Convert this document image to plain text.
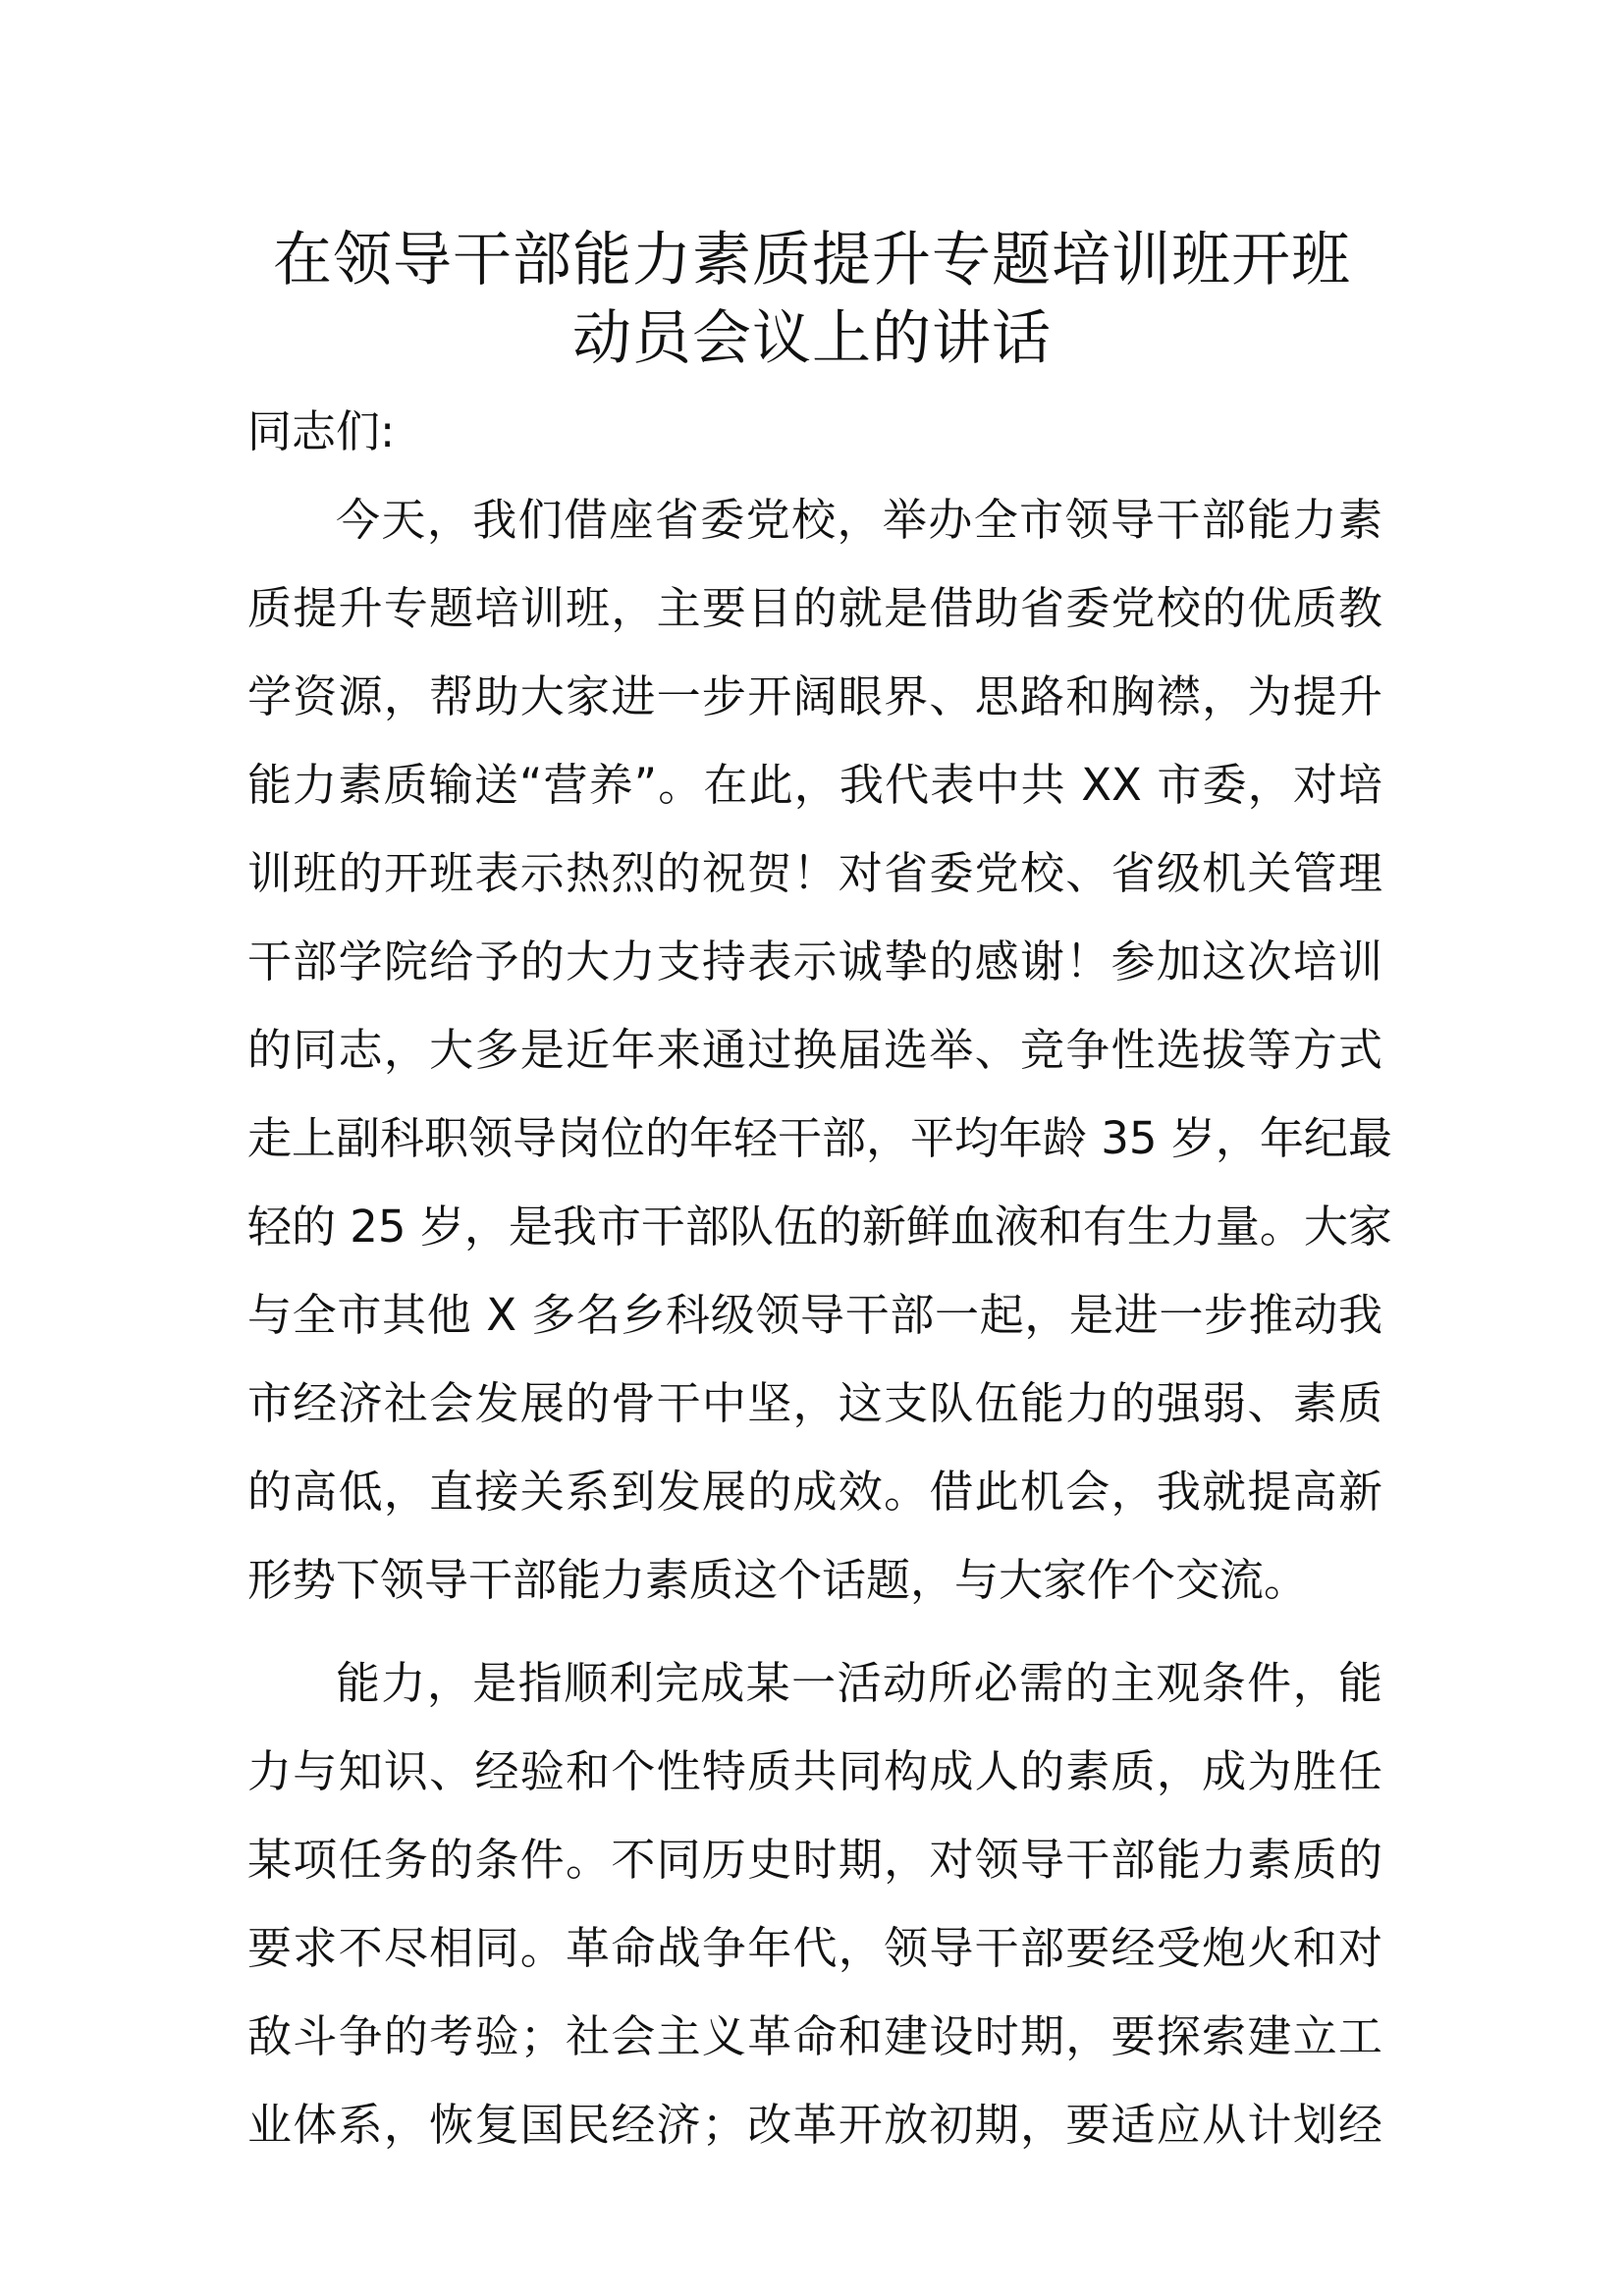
在领导干部能力素质提升专题培训班开班
动员会议上的讲话

同志们:

今天，我们借座省委党校，举办全市领导干部能力素

质提升专题培训班，主要目的就是借助省委党校的优质教

学资源，帮助大家进一步开阔眼界、思路和胸襟，为提升

能力素质输送“营养”。在此，我代表中共 XX 市委，对培

训班的开班表示热烈的祝贺！对省委党校、省级机关管理

干部学院给予的大力支持表示诚挚的感谢！参加这次培训

的同志，大多是近年来通过换届选举、竞争性选拔等方式

走上副科职领导岗位的年轻干部，平均年龄 35 岁，年纪最

轻的 25 岁，是我市干部队伍的新鲜血液和有生力量。大家

与全市其他 X 多名乡科级领导干部一起，是进一步推动我

市经济社会发展的骨干中坚，这支队伍能力的强弱、素质

的高低，直接关系到发展的成效。借此机会，我就提高新

形势下领导干部能力素质这个话题，与大家作个交流。

能力，是指顺利完成某一活动所必需的主观条件，能

力与知识、经验和个性特质共同构成人的素质，成为胜任

某项任务的条件。不同历史时期，对领导干部能力素质的

要求不尽相同。革命战争年代，领导干部要经受炮火和对

敌斗争的考验；社会主义革命和建设时期，要探索建立工

业体系，恢复国民经济；改革开放初期，要适应从计划经
